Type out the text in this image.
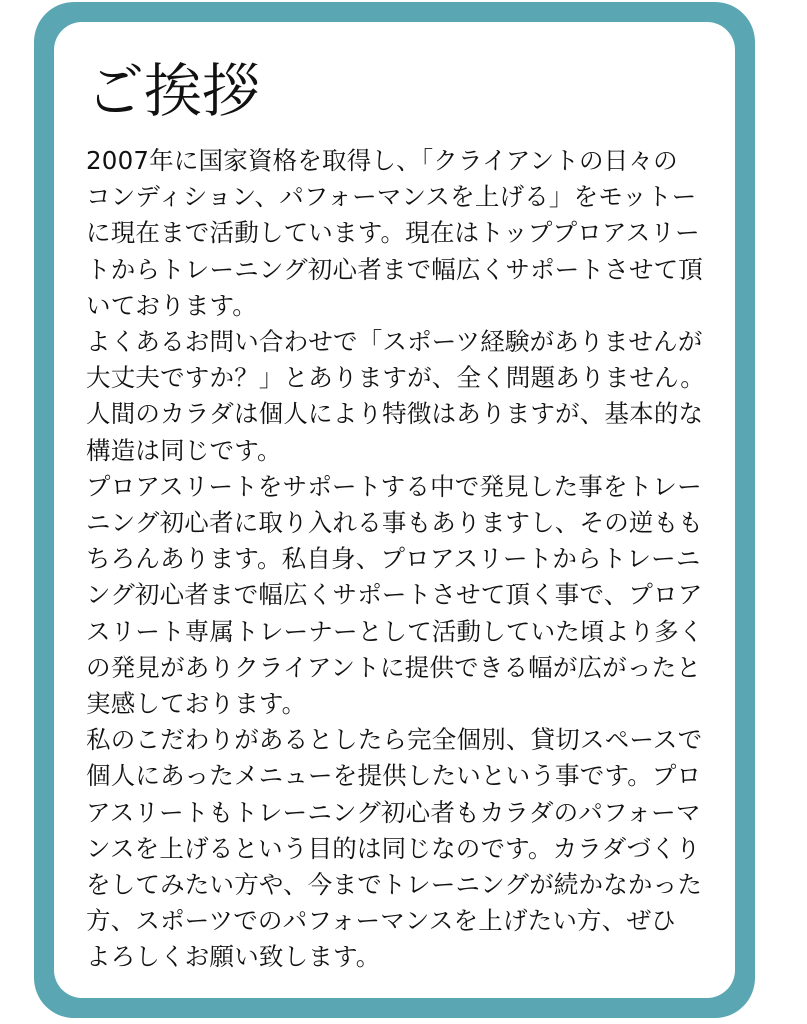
ご挨拶
2007年に国家資格を取得し、「クライアントの日々の
コンディション、パフォーマンスを上げる」をモットー
に現在まで活動しています。現在はトッププロアスリー
トからトレーニング初心者まで幅広くサポートさせて頂
いております。
よくあるお問い合わせで「スポーツ経験がありませんが
大丈夫ですか？」とありますが、全く問題ありません。
人間のカラダは個人により特徴はありますが、基本的な
構造は同じです。
プロアスリートをサポートする中で発見した事をトレー
ニング初心者に取り入れる事もありますし、その逆もも
ちろんあります。私自身、プロアスリートからトレーニ
ング初心者まで幅広くサポートさせて頂く事で、プロア
スリート専属トレーナーとして活動していた頃より多く
の発見がありクライアントに提供できる幅が広がったと
実感しております。
私のこだわりがあるとしたら完全個別、貸切スペースで
個人にあったメニューを提供したいという事です。プロ
アスリートもトレーニング初心者もカラダのパフォーマ
ンスを上げるという目的は同じなのです。カラダづくり
をしてみたい方や、今までトレーニングが続かなかった
方、スポーツでのパフォーマンスを上げたい方、ぜひ
よろしくお願い致します。
